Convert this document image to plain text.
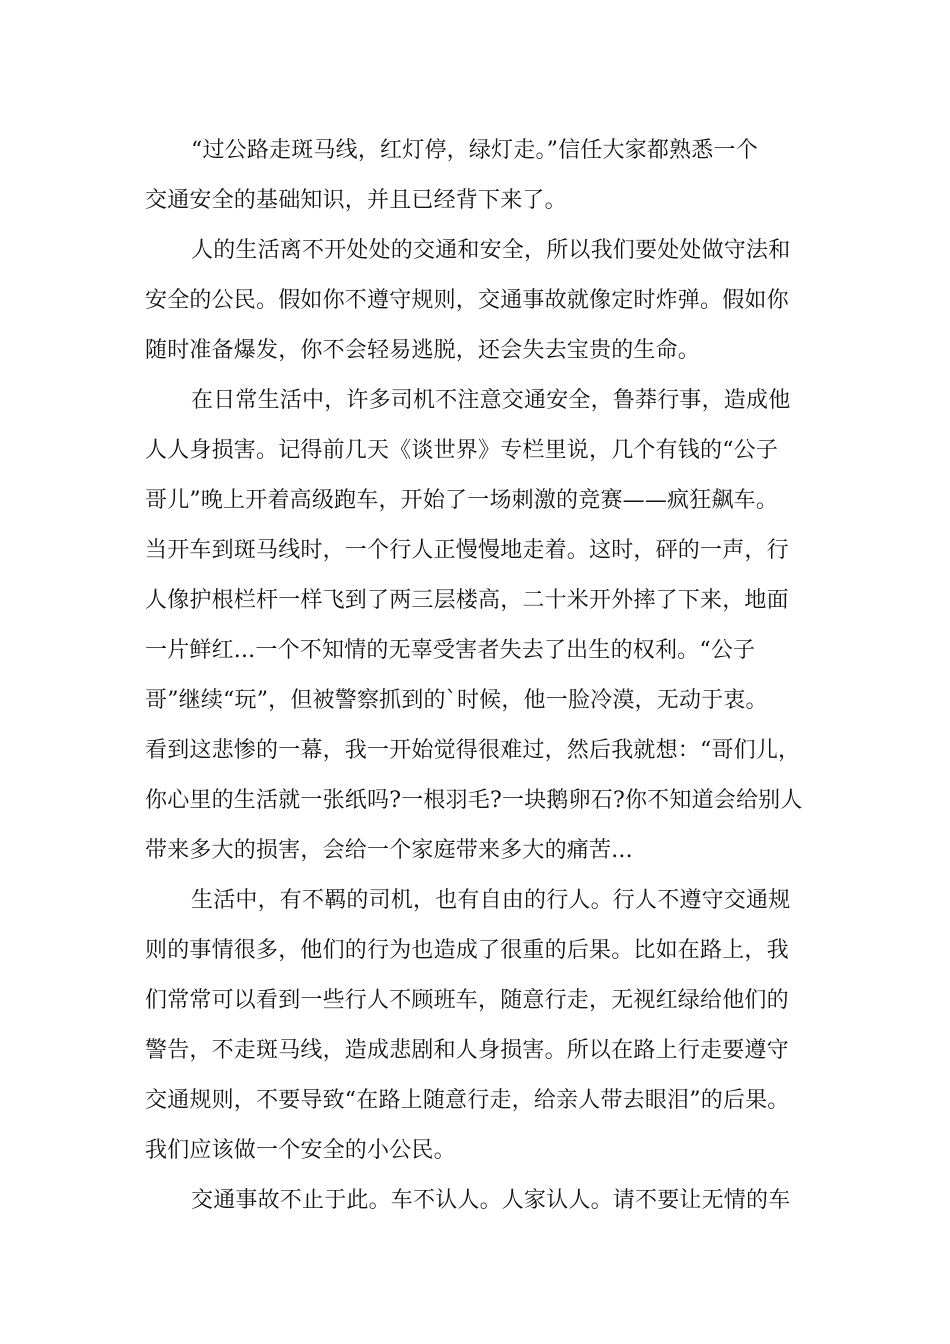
“过公路走斑马线，红灯停，绿灯走。”信任大家都熟悉一个
交通安全的基础知识，并且已经背下来了。
人的生活离不开处处的交通和安全，所以我们要处处做守法和
安全的公民。假如你不遵守规则，交通事故就像定时炸弹。假如你
随时准备爆发，你不会轻易逃脱，还会失去宝贵的生命。
在日常生活中，许多司机不注意交通安全，鲁莽行事，造成他
人人身损害。记得前几天《谈世界》专栏里说，几个有钱的“公子
哥儿”晚上开着高级跑车，开始了一场刺激的竞赛——疯狂飙车。
当开车到斑马线时，一个行人正慢慢地走着。这时，砰的一声，行
人像护根栏杆一样飞到了两三层楼高，二十米开外摔了下来，地面
一片鲜红...一个不知情的无辜受害者失去了出生的权利。“公子
哥”继续“玩”，但被警察抓到的`时候，他一脸冷漠，无动于衷。
看到这悲惨的一幕，我一开始觉得很难过，然后我就想：“哥们儿，
你心里的生活就一张纸吗?一根羽毛?一块鹅卵石?你不知道会给别人
带来多大的损害，会给一个家庭带来多大的痛苦...
生活中，有不羁的司机，也有自由的行人。行人不遵守交通规
则的事情很多，他们的行为也造成了很重的后果。比如在路上，我
们常常可以看到一些行人不顾班车，随意行走，无视红绿给他们的
警告，不走斑马线，造成悲剧和人身损害。所以在路上行走要遵守
交通规则，不要导致“在路上随意行走，给亲人带去眼泪”的后果。
我们应该做一个安全的小公民。
交通事故不止于此。车不认人。人家认人。请不要让无情的车
